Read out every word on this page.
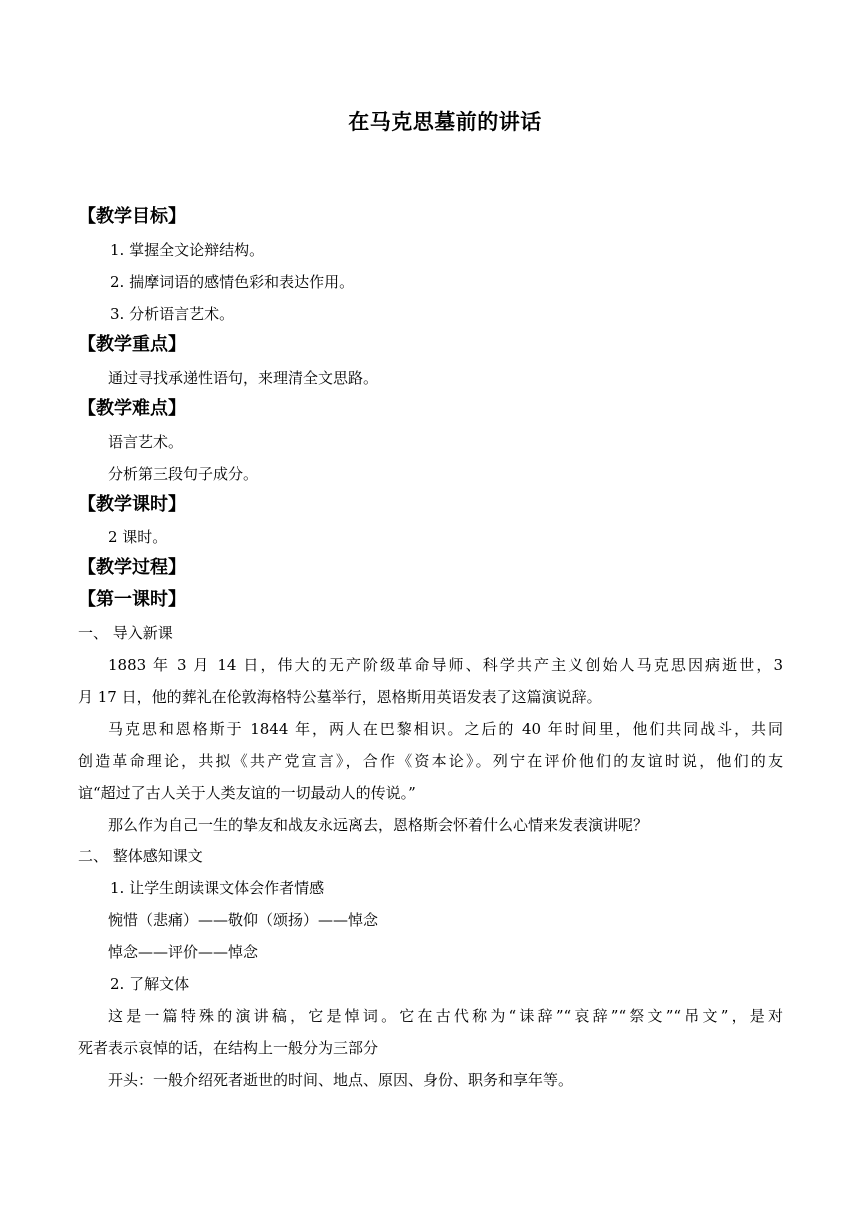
在马克思墓前的讲话
【教学目标】
1. 掌握全文论辩结构。
2. 揣摩词语的感情色彩和表达作用。
3. 分析语言艺术。
【教学重点】
通过寻找承递性语句，来理清全文思路。
【教学难点】
语言艺术。
分析第三段句子成分。
【教学课时】
2 课时。
【教学过程】
【第一课时】
一、 导入新课
1883 年 3 月 14 日，伟大的无产阶级革命导师、科学共产主义创始人马克思因病逝世，3
月 17 日，他的葬礼在伦敦海格特公墓举行，恩格斯用英语发表了这篇演说辞。
马克思和恩格斯于 1844 年，两人在巴黎相识。之后的 40 年时间里，他们共同战斗，共同
创造革命理论，共拟《共产党宣言》，合作《资本论》。列宁在评价他们的友谊时说，他们的友
谊“超过了古人关于人类友谊的一切最动人的传说。”
那么作为自己一生的挚友和战友永远离去，恩格斯会怀着什么心情来发表演讲呢？
二、 整体感知课文
1. 让学生朗读课文体会作者情感
惋惜（悲痛）——敬仰（颂扬）——悼念
悼念——评价——悼念
2. 了解文体
这是一篇特殊的演讲稿，它是悼词。它在古代称为“诔辞”“哀辞”“祭文”“吊文”，是对
死者表示哀悼的话，在结构上一般分为三部分
开头：一般介绍死者逝世的时间、地点、原因、身份、职务和享年等。
